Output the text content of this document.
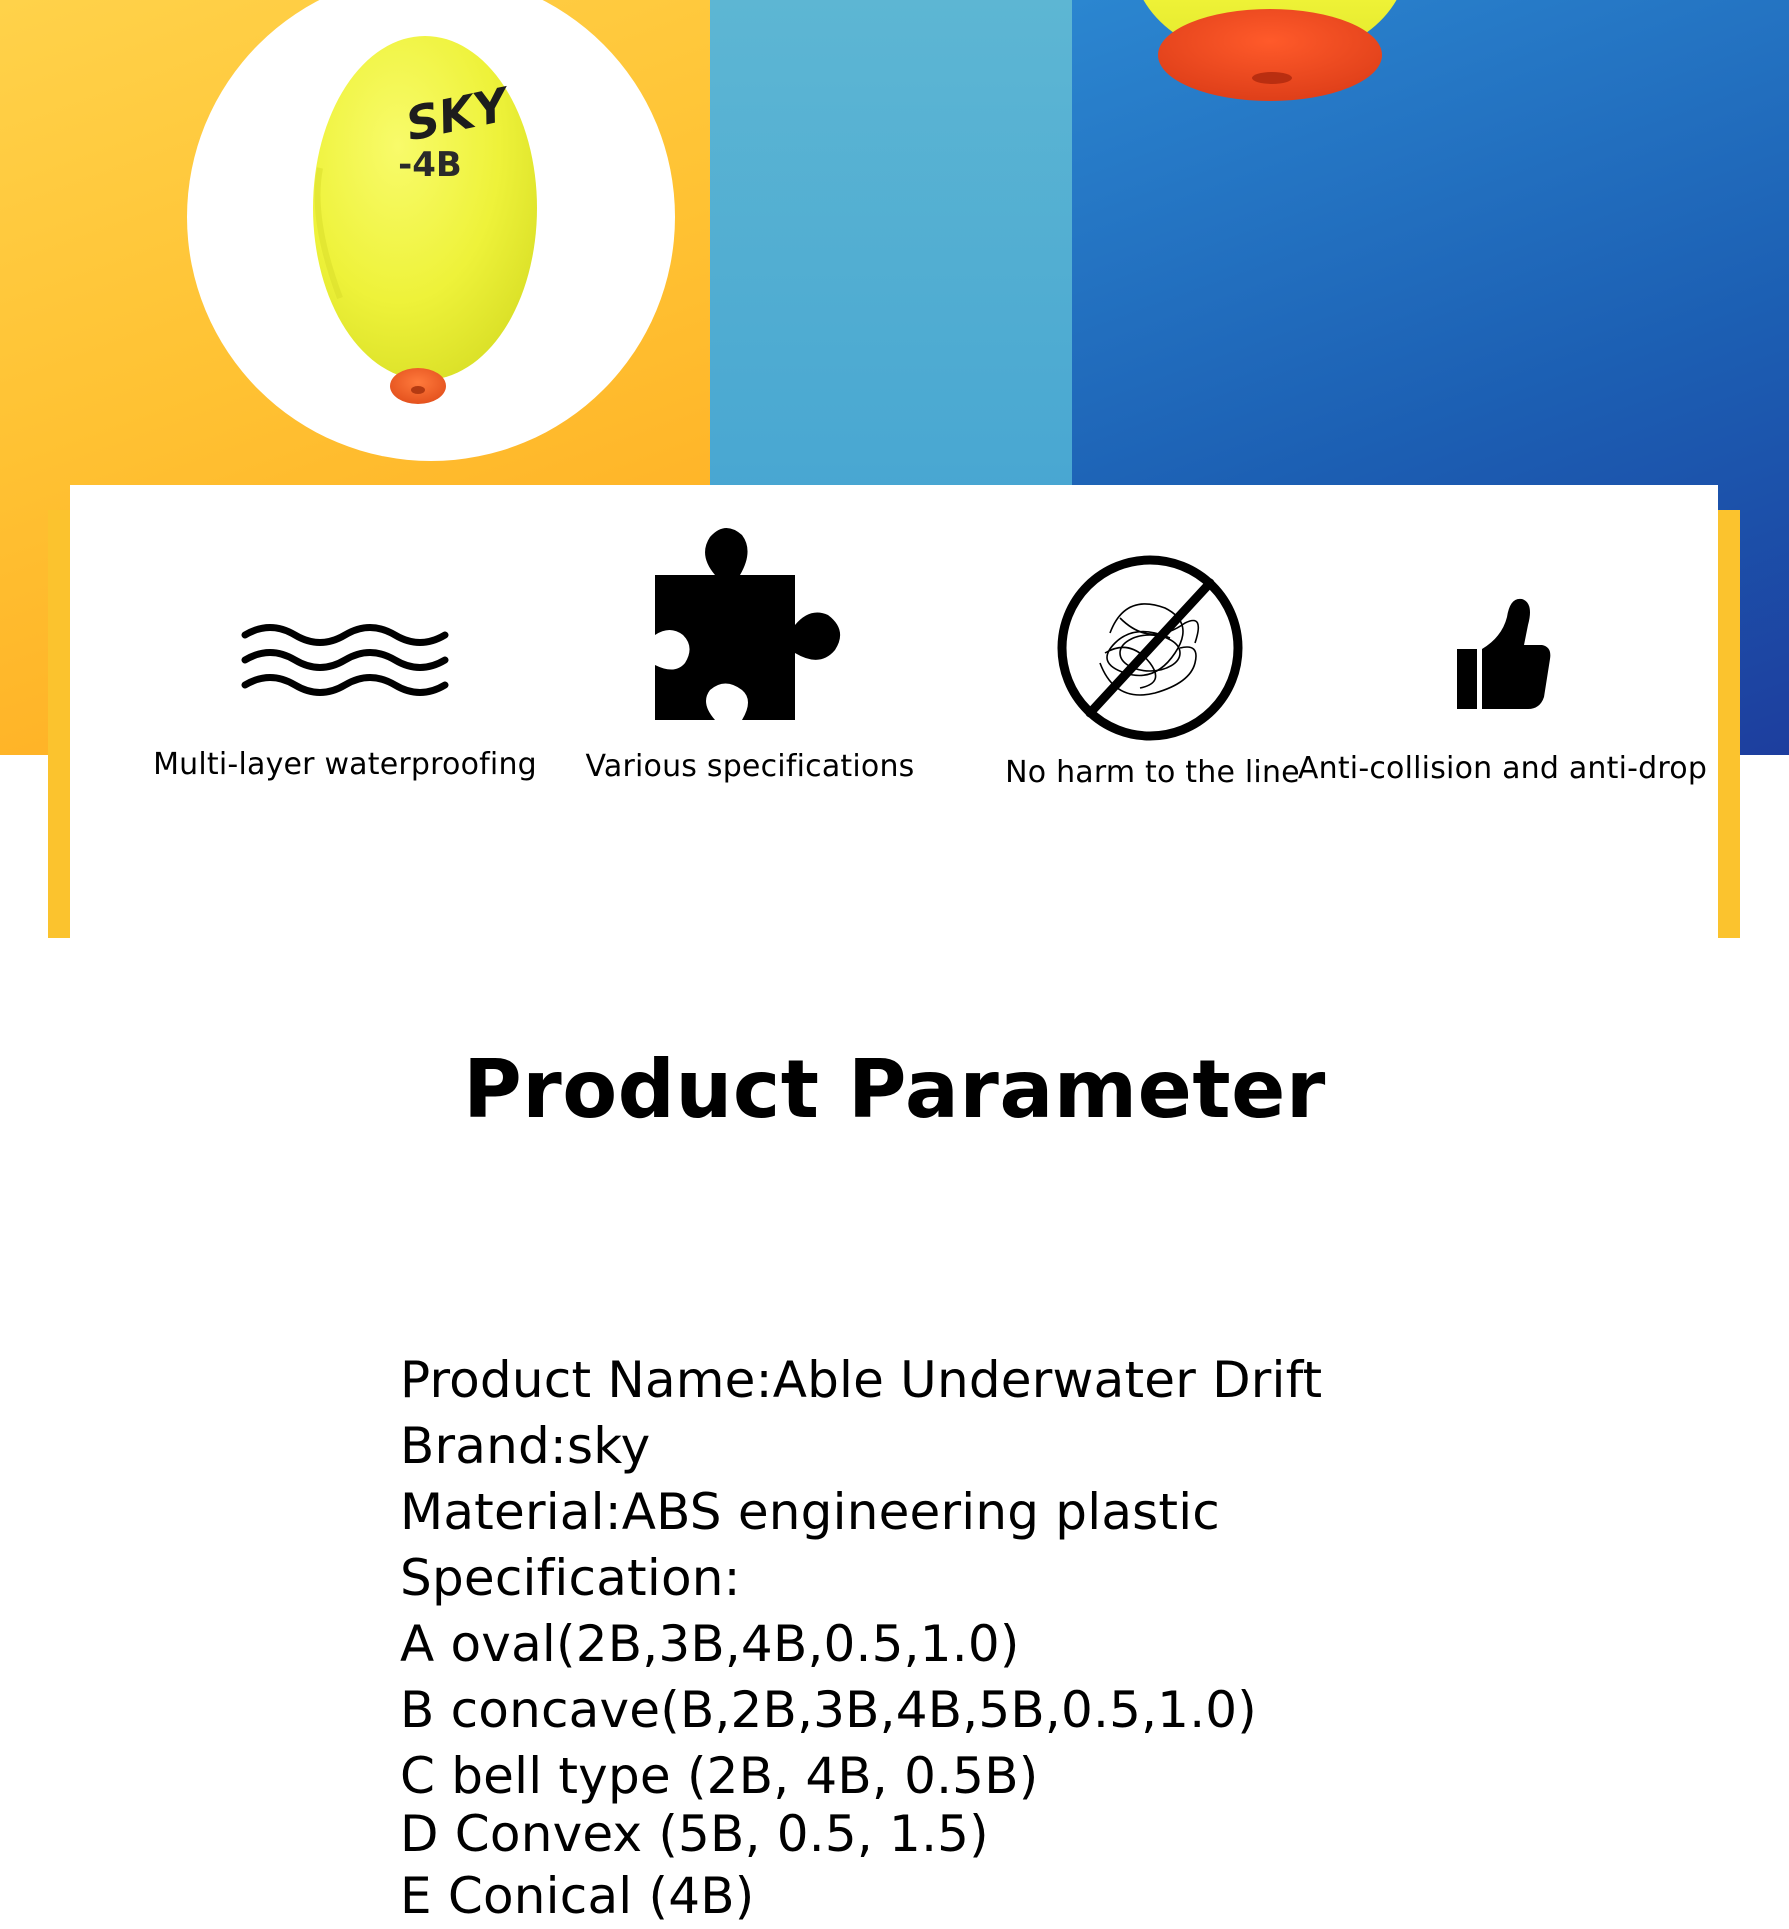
SKY
-4B
Multi-layer waterproofing	Various specifications	No harm to the line
Anti-collision and anti-drop
Product Parameter
Product Name:Able Underwater Drift
Brand:sky
Material:ABS engineering plastic
Specification:
A oval(2B,3B,4B,0.5,1.0)
B concave(B,2B,3B,4B,5B,0.5,1.0)
C bell type (2B, 4B, 0.5B)
D Convex (5B, 0.5, 1.5)
E Conical (4B)
